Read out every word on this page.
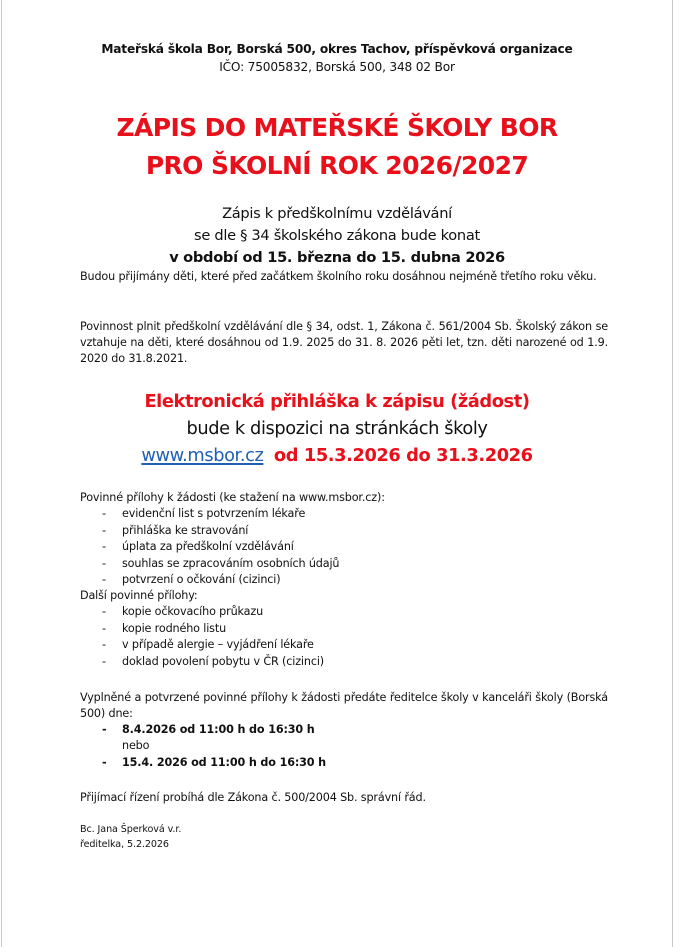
Mateřská škola Bor, Borská 500, okres Tachov, příspěvková organizace
IČO: 75005832, Borská 500, 348 02 Bor
ZÁPIS DO MATEŘSKÉ ŠKOLY BOR
PRO ŠKOLNÍ ROK 2026/2027
Zápis k předškolnímu vzdělávání
se dle § 34 školského zákona bude konat
v období od 15. března do 15. dubna 2026
Budou přijímány děti, které před začátkem školního roku dosáhnou nejméně třetího roku věku.
Povinnost plnit předškolní vzdělávání dle § 34, odst. 1, Zákona č. 561/2004 Sb. Školský zákon se vztahuje na děti, které dosáhnou od 1.9. 2025 do 31. 8. 2026 pěti let, tzn. děti narozené od 1.9. 2020 do 31.8.2021.
Elektronická přihláška k zápisu (žádost)
bude k dispozici na stránkách školy
www.msbor.cz od 15.3.2026 do 31.3.2026
Povinné přílohy k žádosti (ke stažení na www.msbor.cz):
- evidenční list s potvrzením lékaře
- přihláška ke stravování
- úplata za předškolní vzdělávání
- souhlas se zpracováním osobních údajů
- potvrzení o očkování (cizinci)
Další povinné přílohy:
- kopie očkovacího průkazu
- kopie rodného listu
- v případě alergie – vyjádření lékaře
- doklad povolení pobytu v ČR (cizinci)
Vyplněné a potvrzené povinné přílohy k žádosti předáte ředitelce školy v kanceláři školy (Borská 500) dne:
- 8.4.2026 od 11:00 h do 16:30 h
nebo
- 15.4. 2026 od 11:00 h do 16:30 h
Přijímací řízení probíhá dle Zákona č. 500/2004 Sb. správní řád.
Bc. Jana Šperková v.r.
ředitelka, 5.2.2026
